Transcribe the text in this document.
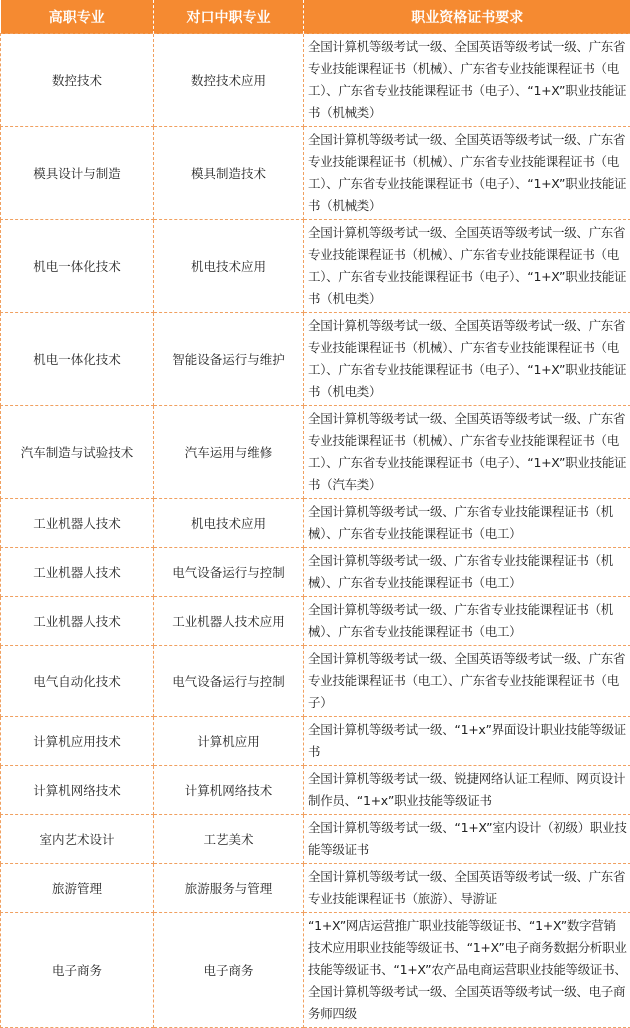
高职专业	对口中职专业	职业资格证书要求
数控技术	数控技术应用	全国计算机等级考试一级、全国英语等级考试一级、广东省专业技能课程证书（机械）、广东省专业技能课程证书（电工）、广东省专业技能课程证书（电子）、“1+X”职业技能证书（机械类）
模具设计与制造	模具制造技术	全国计算机等级考试一级、全国英语等级考试一级、广东省专业技能课程证书（机械）、广东省专业技能课程证书（电工）、广东省专业技能课程证书（电子）、“1+X”职业技能证书（机械类）
机电一体化技术	机电技术应用	全国计算机等级考试一级、全国英语等级考试一级、广东省专业技能课程证书（机械）、广东省专业技能课程证书（电工）、广东省专业技能课程证书（电子）、“1+X”职业技能证书（机电类）
机电一体化技术	智能设备运行与维护	全国计算机等级考试一级、全国英语等级考试一级、广东省专业技能课程证书（机械）、广东省专业技能课程证书（电工）、广东省专业技能课程证书（电子）、“1+X”职业技能证书（机电类）
汽车制造与试验技术	汽车运用与维修	全国计算机等级考试一级、全国英语等级考试一级、广东省专业技能课程证书（机械）、广东省专业技能课程证书（电工）、广东省专业技能课程证书（电子）、“1+X”职业技能证书（汽车类）
工业机器人技术	机电技术应用	全国计算机等级考试一级、广东省专业技能课程证书（机械）、广东省专业技能课程证书（电工）
工业机器人技术	电气设备运行与控制	全国计算机等级考试一级、广东省专业技能课程证书（机械）、广东省专业技能课程证书（电工）
工业机器人技术	工业机器人技术应用	全国计算机等级考试一级、广东省专业技能课程证书（机械）、广东省专业技能课程证书（电工）
电气自动化技术	电气设备运行与控制	全国计算机等级考试一级、全国英语等级考试一级、广东省专业技能课程证书（电工）、广东省专业技能课程证书（电子）
计算机应用技术	计算机应用	全国计算机等级考试一级、“1+x”界面设计职业技能等级证书
计算机网络技术	计算机网络技术	全国计算机等级考试一级、锐捷网络认证工程师、网页设计制作员、“1+x”职业技能等级证书
室内艺术设计	工艺美术	全国计算机等级考试一级、“1+X”室内设计（初级）职业技能等级证书
旅游管理	旅游服务与管理	全国计算机等级考试一级、全国英语等级考试一级、广东省专业技能课程证书（旅游）、导游证
电子商务	电子商务	“1+X”网店运营推广职业技能等级证书、“1+X”数字营销技术应用职业技能等级证书、“1+X”电子商务数据分析职业技能等级证书、“1+X”农产品电商运营职业技能等级证书、全国计算机等级考试一级、全国英语等级考试一级、电子商务师四级
